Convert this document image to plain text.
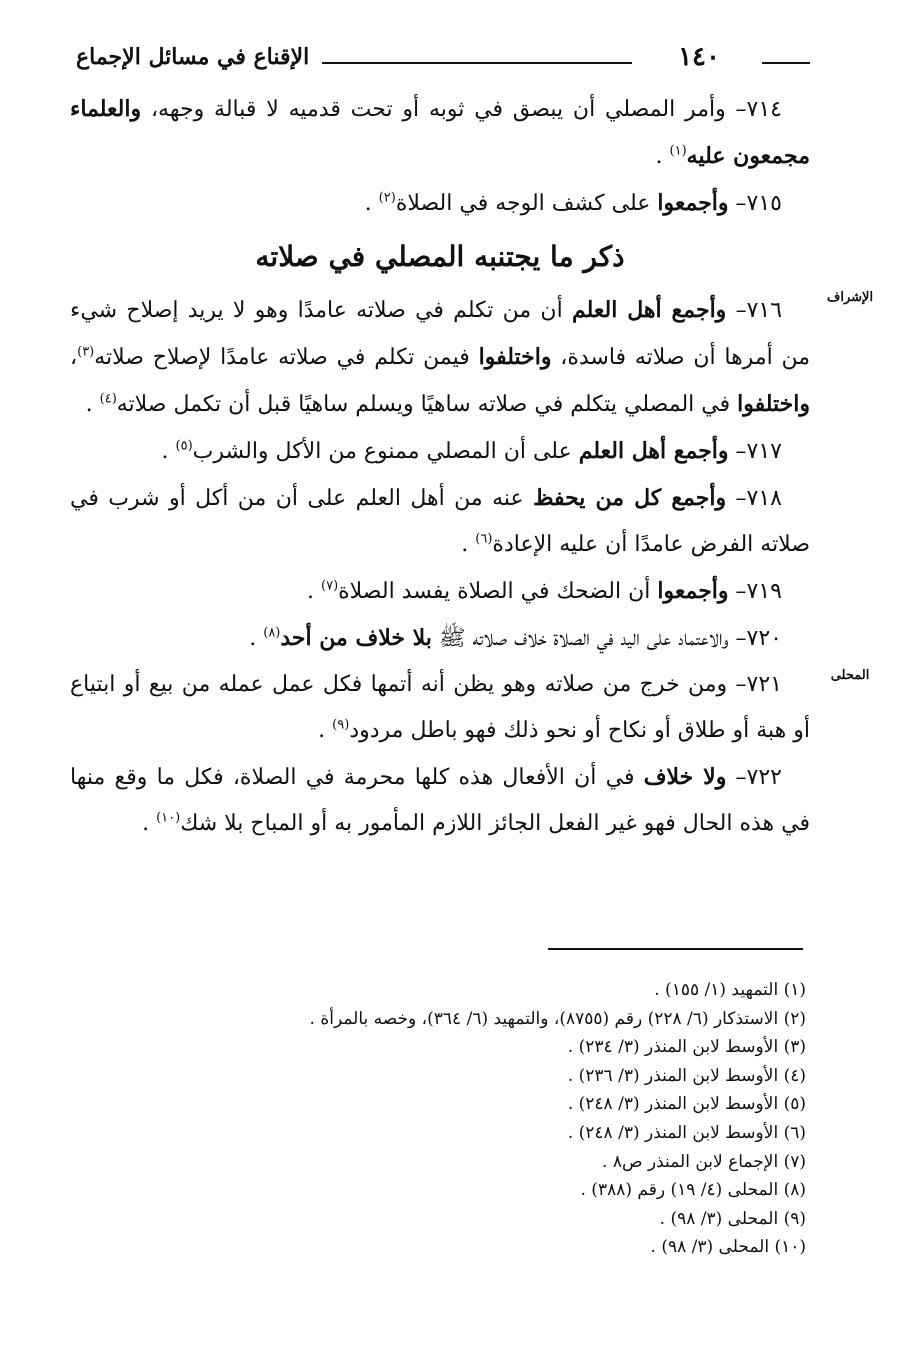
١٤٠
الإقناع في مسائل الإجماع
الإشراف
المحلى

٧١٤– وأمر المصلي أن يبصق في ثوبه أو تحت قدميه لا قبالة وجهه، والعلماء مجمعون عليه$^{(١)}$ .

٧١٥– وأجمعوا على كشف الوجه في الصلاة$^{(٢)}$ .

ذكر ما يجتنبه المصلي في صلاته

٧١٦– وأجمع أهل العلم أن من تكلم في صلاته عامدًا وهو لا يريد إصلاح شيء من أمرها أن صلاته فاسدة، واختلفوا فيمن تكلم في صلاته عامدًا لإصلاح صلاته$^{(٣)}$، واختلفوا في المصلي يتكلم في صلاته ساهيًا ويسلم ساهيًا قبل أن تكمل صلاته$^{(٤)}$ .

٧١٧– وأجمع أهل العلم على أن المصلي ممنوع من الأكل والشرب$^{(٥)}$ .

٧١٨– وأجمع كل من يحفظ عنه من أهل العلم على أن من أكل أو شرب في صلاته الفرض عامدًا أن عليه الإعادة$^{(٦)}$ .

٧١٩– وأجمعوا أن الضحك في الصلاة يفسد الصلاة$^{(٧)}$ .

٧٢٠– والاعتماد على اليد في الصلاة خلاف صلاته ﷺ بلا خلاف من أحد$^{(٨)}$ .

٧٢١– ومن خرج من صلاته وهو يظن أنه أتمها فكل عمل عمله من بيع أو ابتياع أو هبة أو طلاق أو نكاح أو نحو ذلك فهو باطل مردود$^{(٩)}$ .

٧٢٢– ولا خلاف في أن الأفعال هذه كلها محرمة في الصلاة، فكل ما وقع منها في هذه الحال فهو غير الفعل الجائز اللازم المأمور به أو المباح بلا شك$^{(١٠)}$ .

(١) التمهيد (١/ ١٥٥) .

(٢) الاستذكار (٦/ ٢٢٨) رقم (٨٧٥٥)، والتمهيد (٦/ ٣٦٤)، وخصه بالمرأة .

(٣) الأوسط لابن المنذر (٣/ ٢٣٤) .

(٤) الأوسط لابن المنذر (٣/ ٢٣٦) .

(٥) الأوسط لابن المنذر (٣/ ٢٤٨) .

(٦) الأوسط لابن المنذر (٣/ ٢٤٨) .

(٧) الإجماع لابن المنذر ص٨ .

(٨) المحلى (٤/ ١٩) رقم (٣٨٨) .

(٩) المحلى (٣/ ٩٨) .

(١٠) المحلى (٣/ ٩٨) .
